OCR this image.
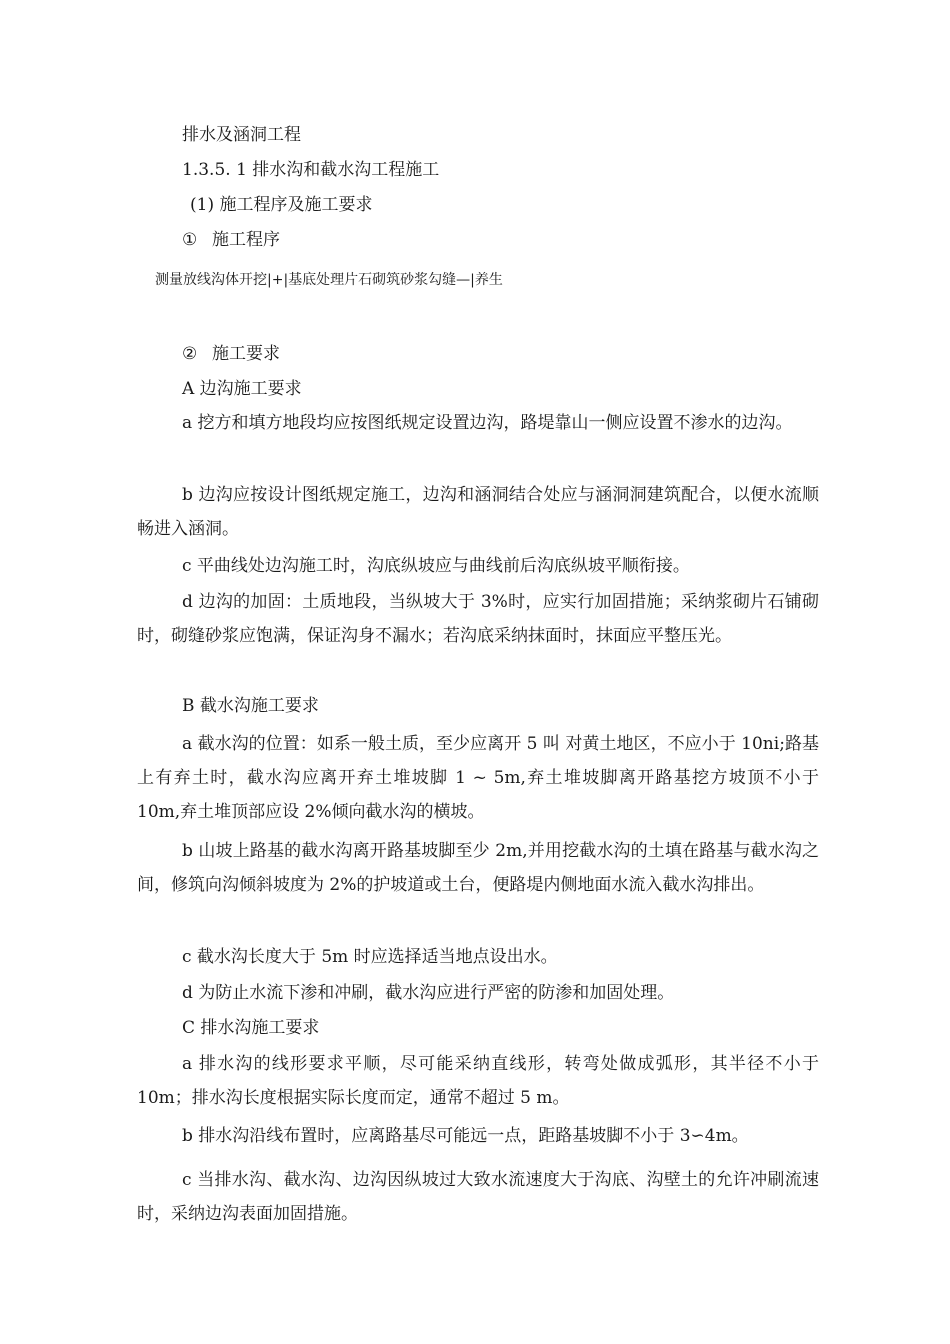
排水及涵洞工程
1.3.5. 1 排水沟和截水沟工程施工
(1) 施工程序及施工要求
① 施工程序
测量放线沟体开挖|+|基底处理片石砌筑砂浆勾缝—|养生
② 施工要求
A 边沟施工要求
a 挖方和填方地段均应按图纸规定设置边沟，路堤靠山一侧应设置不渗水的边沟。
b 边沟应按设计图纸规定施工，边沟和涵洞结合处应与涵洞洞建筑配合，以便水流顺畅进入涵洞。
c 平曲线处边沟施工时，沟底纵坡应与曲线前后沟底纵坡平顺衔接。
d 边沟的加固：土质地段，当纵坡大于 3%时，应实行加固措施；采纳浆砌片石铺砌时，砌缝砂浆应饱满，保证沟身不漏水；若沟底采纳抹面时，抹面应平整压光。
B 截水沟施工要求
a 截水沟的位置：如系一般土质，至少应离开 5 叫 对黄土地区，不应小于 10ni;路基上有弃土时，截水沟应离开弃土堆坡脚 1 ~ 5m,弃土堆坡脚离开路基挖方坡顶不小于 10m,弃土堆顶部应设 2%倾向截水沟的横坡。
b 山坡上路基的截水沟离开路基坡脚至少 2m,并用挖截水沟的土填在路基与截水沟之间，修筑向沟倾斜坡度为 2%的护坡道或土台，便路堤内侧地面水流入截水沟排出。
c 截水沟长度大于 5m 时应选择适当地点设出水。
d 为防止水流下渗和冲刷，截水沟应进行严密的防渗和加固处理。
C 排水沟施工要求
a 排水沟的线形要求平顺，尽可能采纳直线形，转弯处做成弧形，其半径不小于 10m；排水沟长度根据实际长度而定，通常不超过 5 m。
b 排水沟沿线布置时，应离路基尽可能远一点，距路基坡脚不小于 3∽4m。
c 当排水沟、截水沟、边沟因纵坡过大致水流速度大于沟底、沟壁土的允许冲刷流速时，采纳边沟表面加固措施。
